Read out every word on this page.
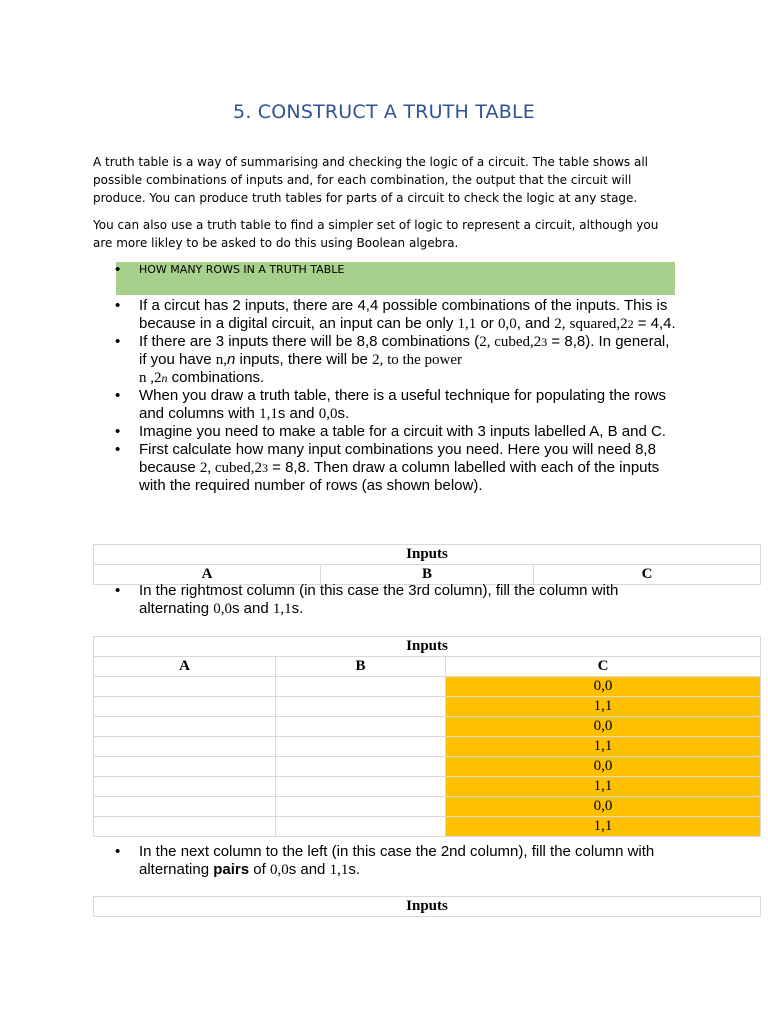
5. CONSTRUCT A TRUTH TABLE

A truth table is a way of summarising and checking the logic of a circuit. The table shows all possible combinations of inputs and, for each combination, the output that the circuit will produce. You can produce truth tables for parts of a circuit to check the logic at any stage.

You can also use a truth table to find a simpler set of logic to represent a circuit, although you are more likley to be asked to do this using Boolean algebra.

• HOW MANY ROWS IN A TRUTH TABLE
• If a circut has 2 inputs, there are 4,4 possible combinations of the inputs. This is because in a digital circuit, an input can be only 1,1 or 0,0, and 2, squared,22 = 4,4.
• If there are 3 inputs there will be 8,8 combinations (2, cubed,23 = 8,8). In general, if you have n,n inputs, there will be 2, to the power
n ,2n combinations.
• When you draw a truth table, there is a useful technique for populating the rows and columns with 1,1s and 0,0s.
• Imagine you need to make a table for a circuit with 3 inputs labelled A, B and C.
• First calculate how many input combinations you need. Here you will need 8,8 because 2, cubed,23 = 8,8. Then draw a column labelled with each of the inputs with the required number of rows (as shown below).
Inputs
A	B	C
• In the rightmost column (in this case the 3rd column), fill the column with alternating 0,0s and 1,1s.
Inputs		
A	B	C
		0,0
		1,1
		0,0
		1,1
		0,0
		1,1
		0,0
		1,1
• In the next column to the left (in this case the 2nd column), fill the column with alternating pairs of 0,0s and 1,1s.
Inputs
